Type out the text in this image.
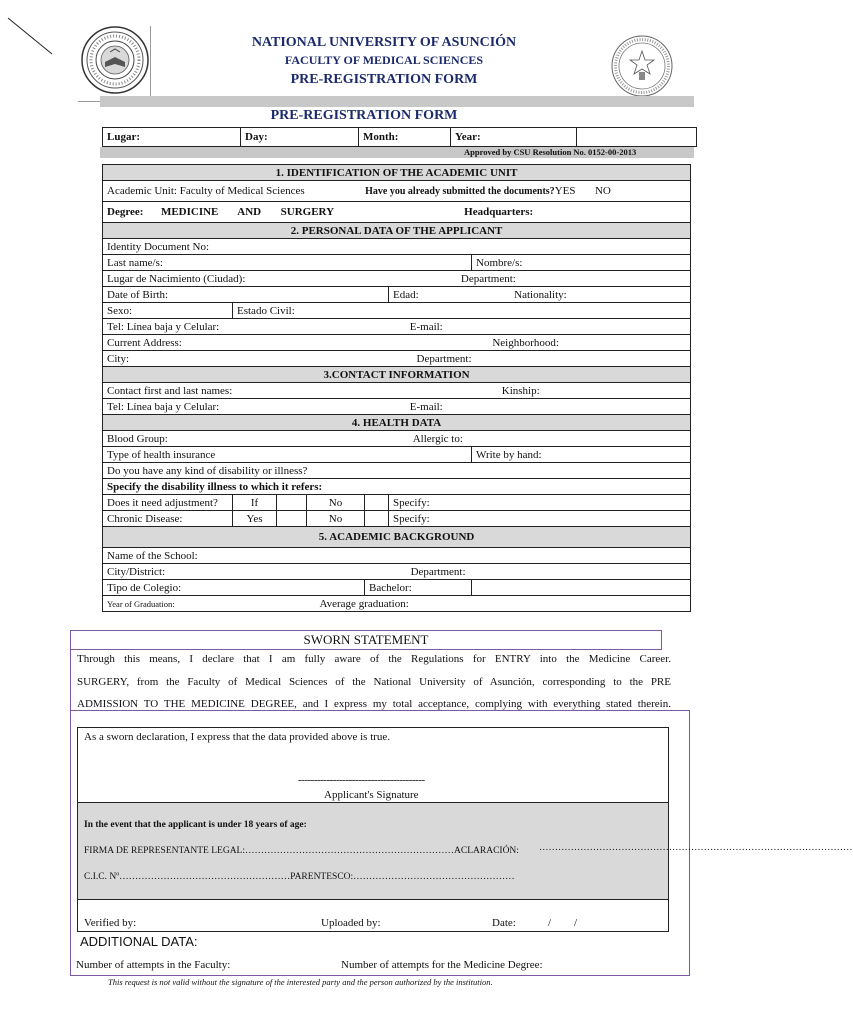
NATIONAL UNIVERSITY OF ASUNCIÓN
FACULTY OF MEDICAL SCIENCES
PRE-REGISTRATION FORM
PRE-REGISTRATION FORM
Lugar:	Day:	Month:	Year:	
Approved by CSU Resolution No. 0152-00-2013
1. IDENTIFICATION OF THE ACADEMIC UNIT						
Academic Unit: Faculty of Medical Sciences Have you already submitted the documents?YES NO						
Degree: MEDICINE AND SURGERY Headquarters:						
2. PERSONAL DATA OF THE APPLICANT						
Identity Document No:						
Last name/s:						Nombre/s:
Lugar de Nacimiento (Ciudad): Department:						
Date of Birth:					Edad: Nationality:	
Sexo:	Estado Civil:					
Tel: Línea baja y Celular: E-mail:						
Current Address: Neighborhood:						
City: Department:						
3.CONTACT INFORMATION						
Contact first and last names: Kinship:						
Tel: Línea baja y Celular: E-mail:						
4. HEALTH DATA						
Blood Group: Allergic to:						
Type of health insurance						Write by hand:
Do you have any kind of disability or illness?						
Specify the disability illness to which it refers:						
Does it need adjustment?	If		No		Specify:	
Chronic Disease:	Yes		No		Specify:	
5. ACADEMIC BACKGROUND						
Name of the School:						
City/District: Department:						
Tipo de Colegio:				Bachelor:		
Year of Graduation: Average graduation:						
SWORN STATEMENT
Through this means, I declare that I am fully aware of the Regulations for ENTRY into the Medicine Career.
SURGERY, from the Faculty of Medical Sciences of the National University of Asunción, corresponding to the PRE
ADMISSION TO THE MEDICINE DEGREE, and I express my total acceptance, complying with everything stated therein.
As a sworn declaration, I express that the data provided above is true.
----------------------------------------
Applicant's Signature
In the event that the applicant is under 18 years of age:
FIRMA DE REPRESENTANTE LEGAL:…………………………………………………………ACLARACIÓN:
C.I.C. Nº………………………………………………PARENTESCO:……………………………………………
Verified by:	Uploaded by:	Date:	/ /
………………………………………………………………………………………
ADDITIONAL DATA:
Number of attempts in the Faculty:	Number of attempts for the Medicine Degree:
This request is not valid without the signature of the interested party and the person authorized by the institution.
